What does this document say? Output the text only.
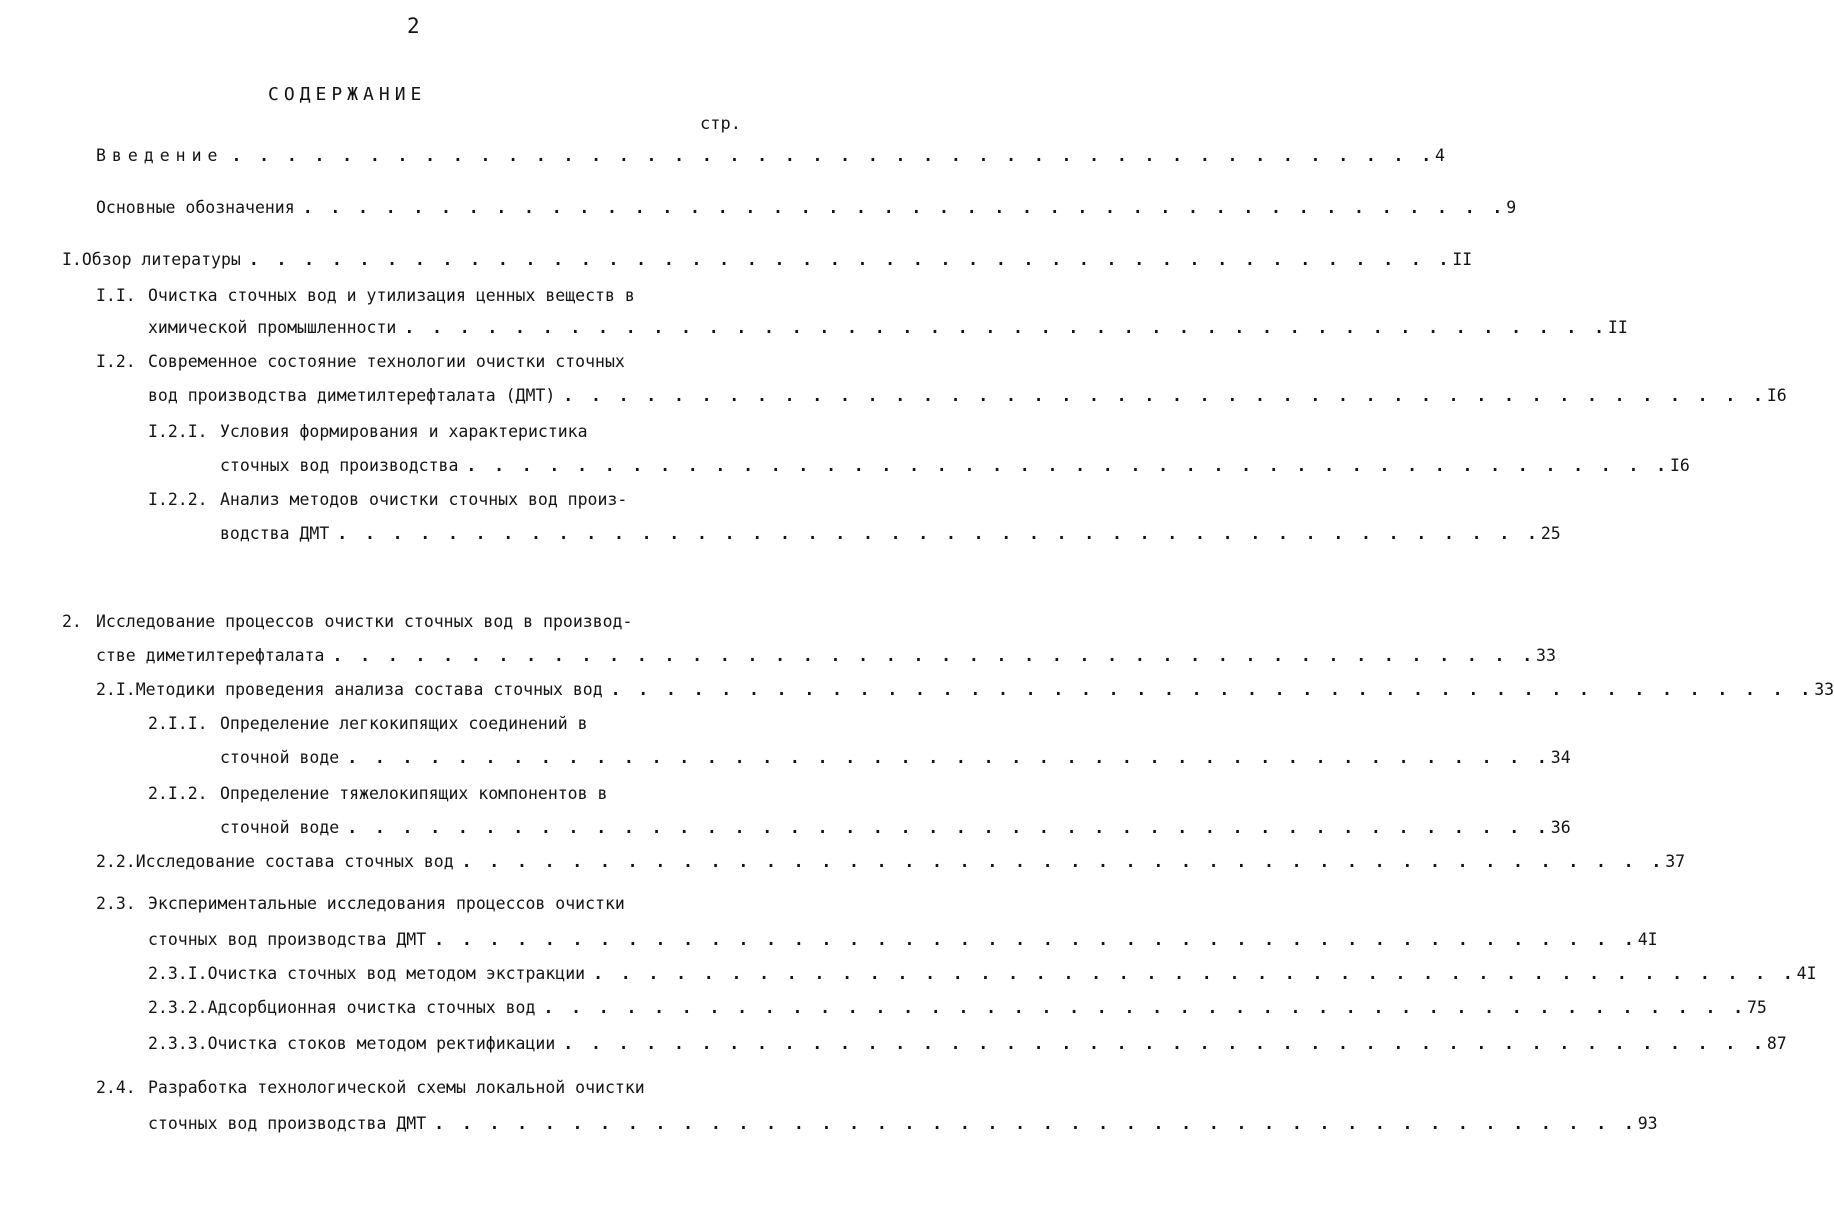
2
СОДЕРЖАНИЕ
стр.
Введение . . . . . . . . . . . . . . . . . . . . . . . . . . . . . . . . . . . . . . . . . . . . 4
Основные обозначения . . . . . . . . . . . . . . . . . . . . . . . . . . . . . . . . . . . . . . . . . . . . 9
I. Обзор литературы . . . . . . . . . . . . . . . . . . . . . . . . . . . . . . . . . . . . . . . . . . . . II
I.I. Очистка сточных вод и утилизация ценных веществ в
химической промышленности . . . . . . . . . . . . . . . . . . . . . . . . . . . . . . . . . . . . . . . . . . . . II
I.2. Современное состояние технологии очистки сточных
вод производства диметилтерефталата (ДМТ) . . . . . . . . . . . . . . . . . . . . . . . . . . . . . . . . . . . . . . . . . . . . I6
I.2.I. Условия формирования и характеристика
сточных вод производства . . . . . . . . . . . . . . . . . . . . . . . . . . . . . . . . . . . . . . . . . . . . I6
I.2.2. Анализ методов очистки сточных вод произ-
водства ДМТ . . . . . . . . . . . . . . . . . . . . . . . . . . . . . . . . . . . . . . . . . . . . 25
2. Исследование процессов очистки сточных вод в производ-
стве диметилтерефталата . . . . . . . . . . . . . . . . . . . . . . . . . . . . . . . . . . . . . . . . . . . . 33
2.I. Методики проведения анализа состава сточных вод . . . . . . . . . . . . . . . . . . . . . . . . . . . . . . . . . . . . . . . . . . . . 33
2.I.I. Определение легкокипящих соединений в
сточной воде . . . . . . . . . . . . . . . . . . . . . . . . . . . . . . . . . . . . . . . . . . . . 34
2.I.2. Определение тяжелокипящих компонентов в
сточной воде . . . . . . . . . . . . . . . . . . . . . . . . . . . . . . . . . . . . . . . . . . . . 36
2.2. Исследование состава сточных вод . . . . . . . . . . . . . . . . . . . . . . . . . . . . . . . . . . . . . . . . . . . . 37
2.3. Экспериментальные исследования процессов очистки
сточных вод производства ДМТ . . . . . . . . . . . . . . . . . . . . . . . . . . . . . . . . . . . . . . . . . . . . 4I
2.3.I. Очистка сточных вод методом экстракции . . . . . . . . . . . . . . . . . . . . . . . . . . . . . . . . . . . . . . . . . . . . 4I
2.3.2. Адсорбционная очистка сточных вод . . . . . . . . . . . . . . . . . . . . . . . . . . . . . . . . . . . . . . . . . . . . 75
2.3.3. Очистка стоков методом ректификации . . . . . . . . . . . . . . . . . . . . . . . . . . . . . . . . . . . . . . . . . . . . 87
2.4. Разработка технологической схемы локальной очистки
сточных вод производства ДМТ . . . . . . . . . . . . . . . . . . . . . . . . . . . . . . . . . . . . . . . . . . . . 93
